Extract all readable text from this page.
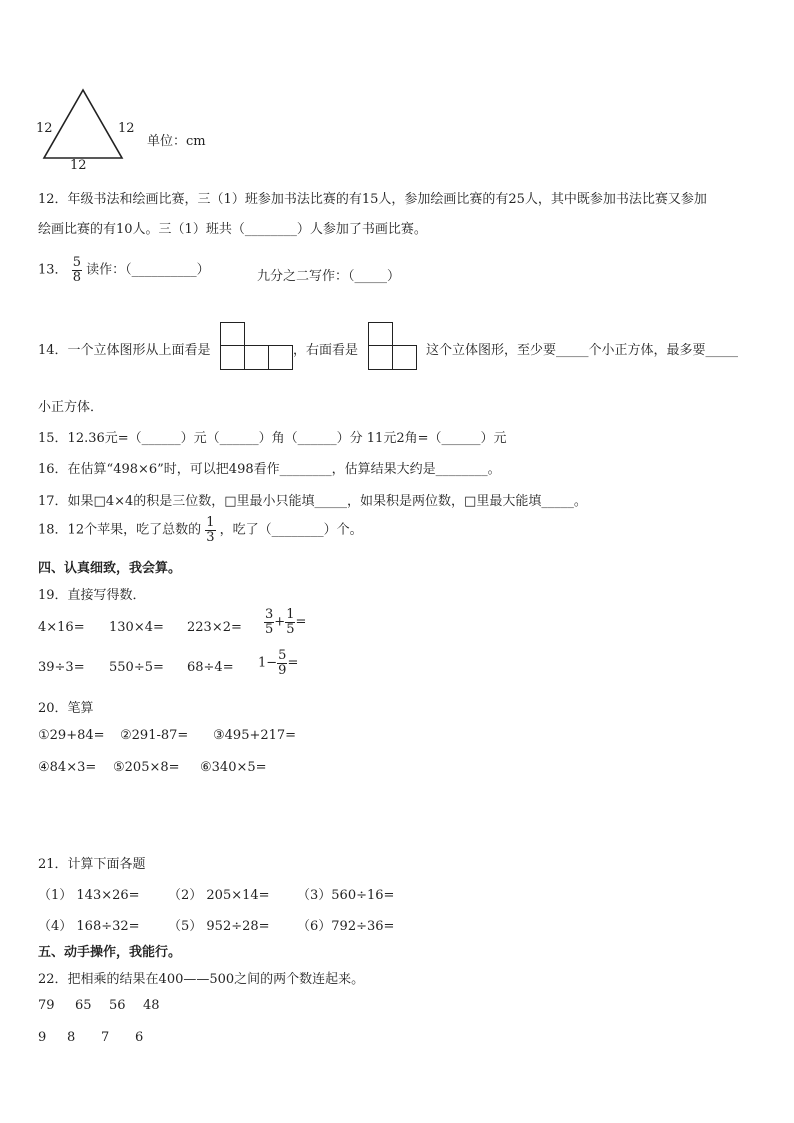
12	12
12
单位：cm
12．年级书法和绘画比赛，三（1）班参加书法比赛的有15人，参加绘画比赛的有25人，其中既参加书法比赛又参加
绘画比赛的有10人。三（1）班共（________）人参加了书画比赛。
13． $\frac{5}{8}$ 读作：（__________）	九分之二写作：（_____）
14．一个立体图形从上面看是	，右面看是	这个立体图形，至少要_____个小正方体，最多要_____
小正方体．
15．12.36元=（______）元（______）角（______）分 11元2角=（______）元
16．在估算“498×6”时，可以把498看作________，估算结果大约是________。
17．如果□4×4的积是三位数，□里最小只能填_____，如果积是两位数，□里最大能填_____。
18．12个苹果，吃了总数的 $\frac{1}{3}$ ，吃了（________）个。
四、认真细致，我会算。
19．直接写得数．
$4\times 16= 130\times 4= 223\times 2= \frac{3}{5} + \frac{1}{5}$ =
$39\div 3= 550\div 5= 68\div 4= 1- \frac{5}{9}$ =
20．笔算
①29+84= ②291-87= ③495+217=
④84×3= ⑤205×8= ⑥340×5=
21．计算下面各题
（1） 143×26= （2） 205×14= （3）560÷16=
（4） 168÷32= （5） 952÷28= （6）792÷36=
五、动手操作，我能行。
22．把相乘的结果在400——500之间的两个数连起来。
79 65 56 48
9 8 7 6
